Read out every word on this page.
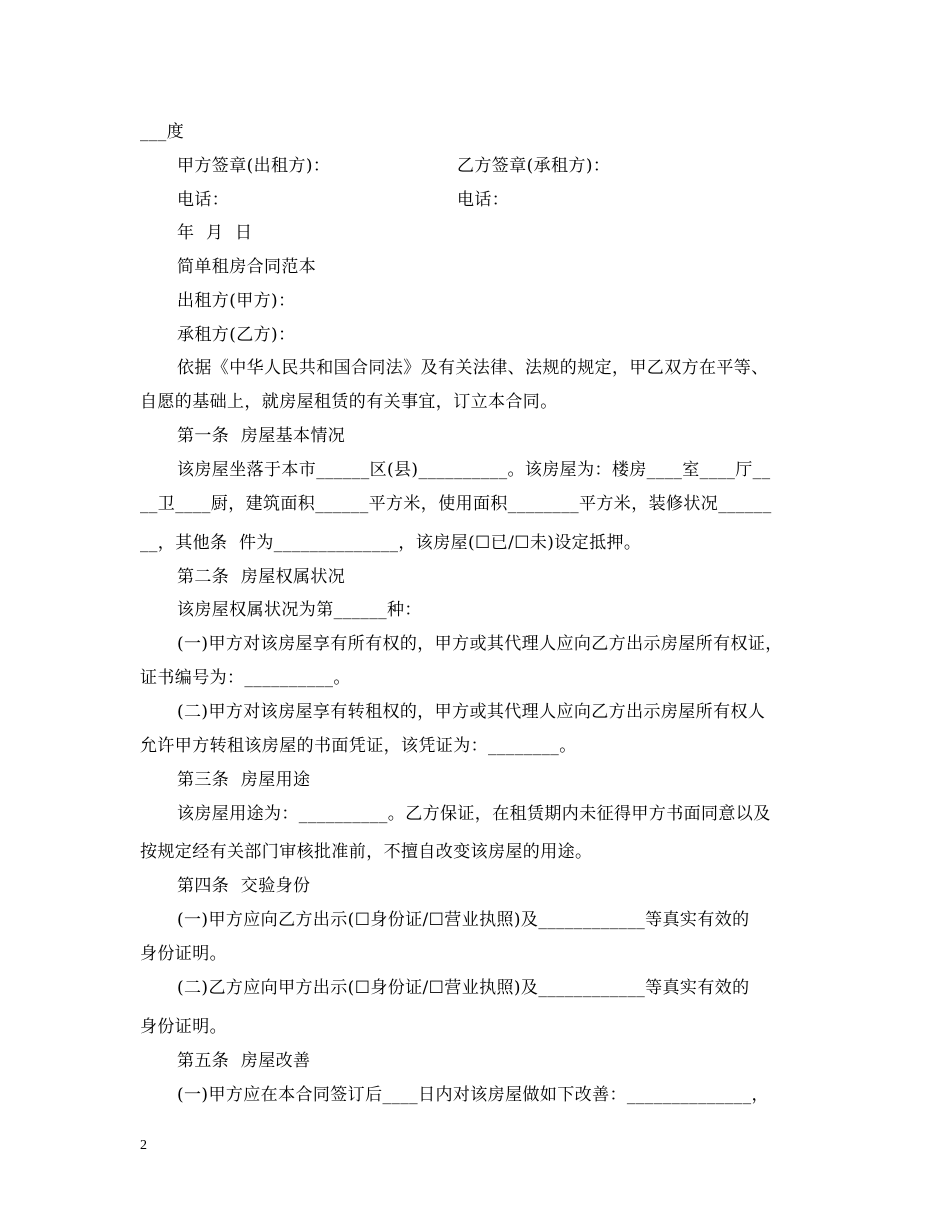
___度
甲方签章(出租方)：	乙方签章(承租方)：
电话：	电话：
年  月  日
简单租房合同范本
出租方(甲方)：
承租方(乙方)：
依据《中华人民共和国合同法》及有关法律、法规的规定，甲乙双方在平等、
自愿的基础上，就房屋租赁的有关事宜，订立本合同。
第一条  房屋基本情况
该房屋坐落于本市______区(县)__________。该房屋为：楼房____室____厅__
__卫____厨，建筑面积______平方米，使用面积________平方米，装修状况______
__，其他条  件为______________，该房屋(☐已/☐未)设定抵押。
第二条  房屋权属状况
该房屋权属状况为第______种：
(一)甲方对该房屋享有所有权的，甲方或其代理人应向乙方出示房屋所有权证，
证书编号为：__________。
(二)甲方对该房屋享有转租权的，甲方或其代理人应向乙方出示房屋所有权人
允许甲方转租该房屋的书面凭证，该凭证为：________。
第三条  房屋用途
该房屋用途为：__________。乙方保证，在租赁期内未征得甲方书面同意以及
按规定经有关部门审核批准前，不擅自改变该房屋的用途。
第四条  交验身份
(一)甲方应向乙方出示(☐身份证/☐营业执照)及____________等真实有效的
身份证明。
(二)乙方应向甲方出示(☐身份证/☐营业执照)及____________等真实有效的
身份证明。
第五条  房屋改善
(一)甲方应在本合同签订后____日内对该房屋做如下改善：______________，
2
